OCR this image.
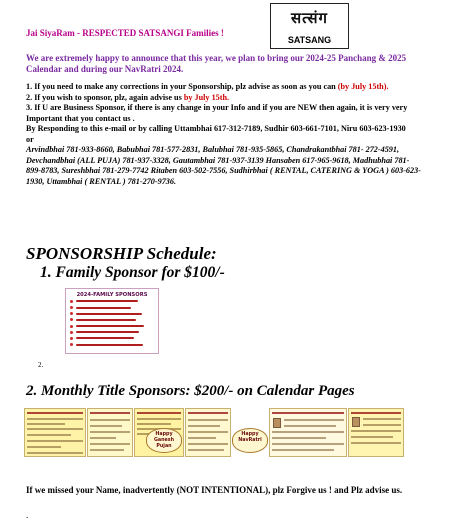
Jai SiyaRam - RESPECTED SATSANGI Families !
सत्संग
SATSANG
We are extremely happy to announce that this year, we plan to bring our 2024-25 Panchang & 2025 Calendar and during our NavRatri 2024.
1. If you need to make any corrections in your Sponsorship, plz advise as soon as you can (by July 15th).
2. If you wish to sponsor, plz, again advise us by July 15th.
3. If U are Business Sponsor, if there is any change in your Info and if you are NEW then again, it is very very Important that you contact us .
By Responding to this e-mail or by calling Uttambhai 617-312-7189, Sudhir 603-661-7101, Niru 603-623-1930
or
Arvindbhai 781-933-8660, Babubhai 781-577-2831, Balubhai 781-935-5865, Chandrakantbhai 781- 272-4591, Devchandbhai (ALL PUJA) 781-937-3328, Gautambhai 781-937-3139 Hansaben 617-965-9618, Madhubhai 781- 899-8783, Sureshbhai 781-279-7742 Ritaben 603-502-7556, Sudhirbhai ( RENTAL, CATERING & YOGA ) 603-623-1930, Uttambhai ( RENTAL ) 781-270-9736.
SPONSORSHIP Schedule:
1. Family Sponsor for $100/-
2024-FAMILY SPONSORS
2.
2. Monthly Title Sponsors: $200/- on Calendar Pages
Happy Ganesh Pujan
Happy NavRatri
If we missed your Name, inadvertently (NOT INTENTIONAL), plz Forgive us ! and Plz advise us.
.
